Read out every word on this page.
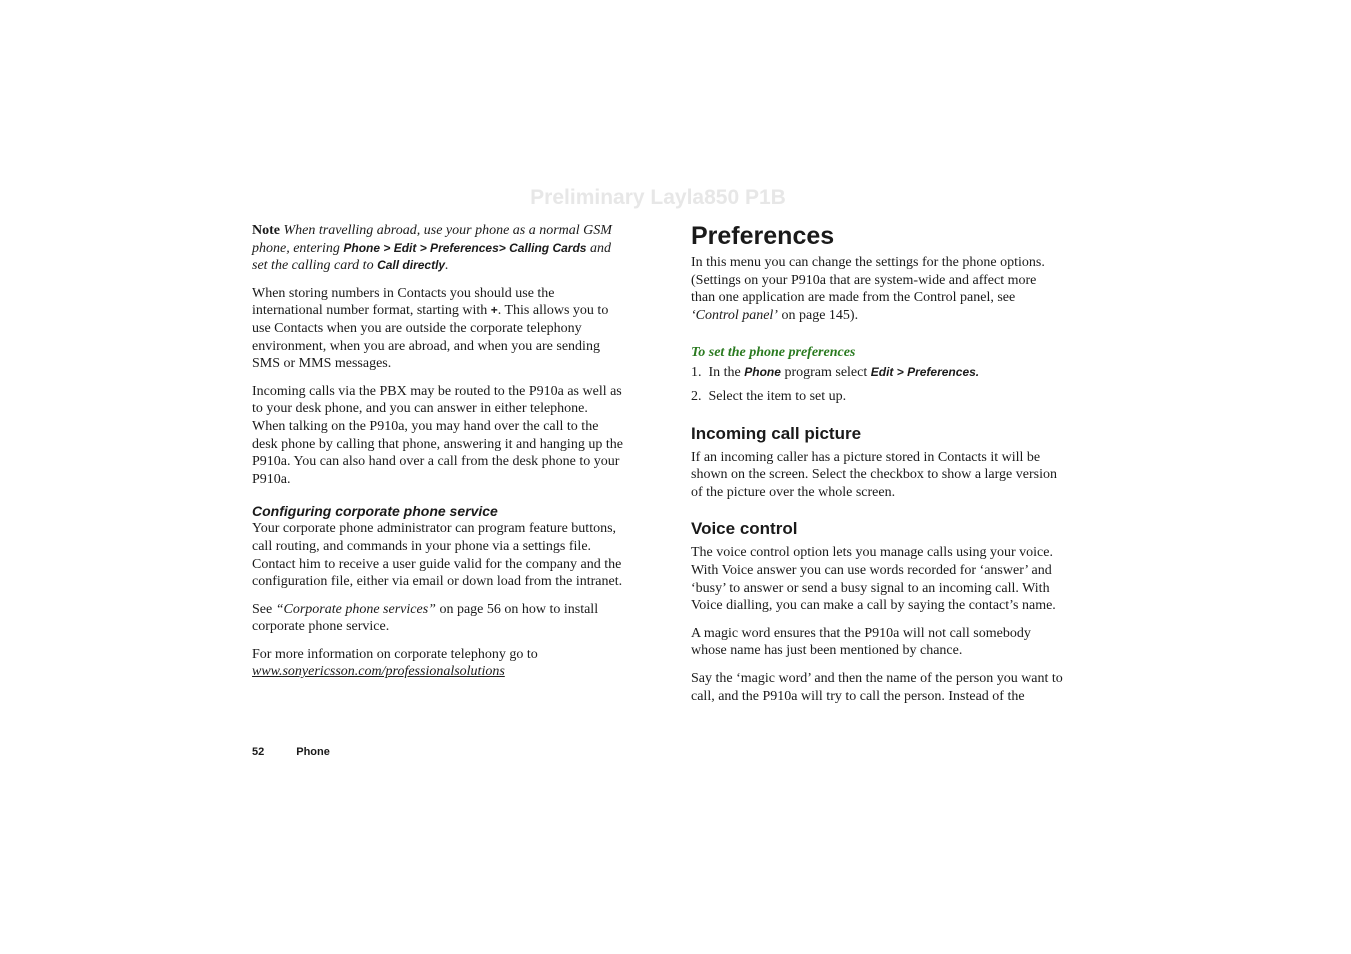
Preliminary Layla850 P1B

Note When travelling abroad, use your phone as a normal GSM phone, entering Phone > Edit > Preferences> Calling Cards and set the calling card to Call directly.

When storing numbers in Contacts you should use the international number format, starting with +. This allows you to use Contacts when you are outside the corporate telephony environment, when you are abroad, and when you are sending SMS or MMS messages.

Incoming calls via the PBX may be routed to the P910a as well as to your desk phone, and you can answer in either telephone. When talking on the P910a, you may hand over the call to the desk phone by calling that phone, answering it and hanging up the P910a. You can also hand over a call from the desk phone to your P910a.

Configuring corporate phone service

Your corporate phone administrator can program feature buttons, call routing, and commands in your phone via a settings file. Contact him to receive a user guide valid for the company and the configuration file, either via email or down load from the intranet.

See “Corporate phone services” on page 56 on how to install corporate phone service.

For more information on corporate telephony go to
www.sonyericsson.com/professionalsolutions

Preferences

In this menu you can change the settings for the phone options. (Settings on your P910a that are system-wide and affect more than one application are made from the Control panel, see ‘Control panel’ on page 145).

To set the phone preferences
1. In the Phone program select Edit > Preferences.
2. Select the item to set up.
Incoming call picture

If an incoming caller has a picture stored in Contacts it will be shown on the screen. Select the checkbox to show a large version of the picture over the whole screen.

Voice control

The voice control option lets you manage calls using your voice. With Voice answer you can use words recorded for ‘answer’ and ‘busy’ to answer or send a busy signal to an incoming call. With Voice dialling, you can make a call by saying the contact’s name.

A magic word ensures that the P910a will not call somebody whose name has just been mentioned by chance.

Say the ‘magic word’ and then the name of the person you want to call, and the P910a will try to call the person. Instead of the

52	Phone
